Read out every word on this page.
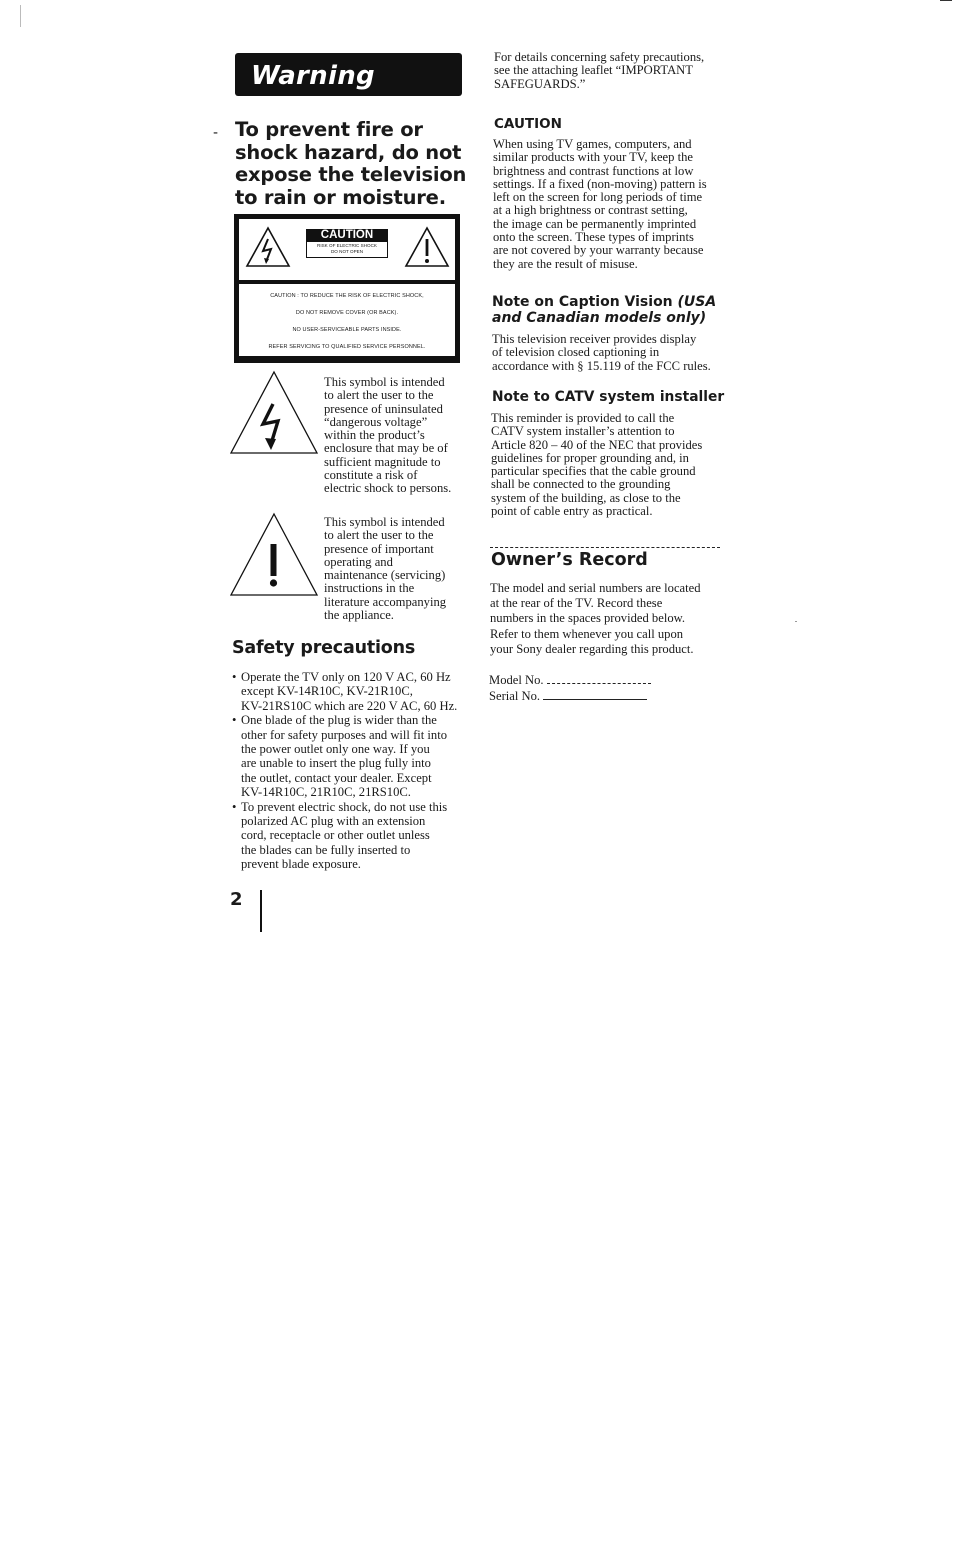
Warning
- To prevent fire or shock hazard, do not expose the television to rain or moisture.
CAUTION
RISK OF ELECTRIC SHOCK
DO NOT OPEN
CAUTION : TO REDUCE THE RISK OF ELECTRIC SHOCK,
DO NOT REMOVE COVER (OR BACK).
NO USER-SERVICEABLE PARTS INSIDE.
REFER SERVICING TO QUALIFIED SERVICE PERSONNEL.
This symbol is intended
to alert the user to the
presence of uninsulated
“dangerous voltage”
within the product’s
enclosure that may be of
sufficient magnitude to
constitute a risk of
electric shock to persons.
This symbol is intended
to alert the user to the
presence of important
operating and
maintenance (servicing)
instructions in the
literature accompanying
the appliance.
Safety precautions
• Operate the TV only on 120 V AC, 60 Hz
except KV-14R10C, KV-21R10C,
KV-21RS10C which are 220 V AC, 60 Hz.
• One blade of the plug is wider than the
other for safety purposes and will fit into
the power outlet only one way. If you
are unable to insert the plug fully into
the outlet, contact your dealer. Except
KV-14R10C, 21R10C, 21RS10C.
• To prevent electric shock, do not use this
polarized AC plug with an extension
cord, receptacle or other outlet unless
the blades can be fully inserted to
prevent blade exposure.
2
For details concerning safety precautions,
see the attaching leaflet “IMPORTANT
SAFEGUARDS.”
CAUTION
When using TV games, computers, and
similar products with your TV, keep the
brightness and contrast functions at low
settings. If a fixed (non-moving) pattern is
left on the screen for long periods of time
at a high brightness or contrast setting,
the image can be permanently imprinted
onto the screen. These types of imprints
are not covered by your warranty because
they are the result of misuse.
Note on Caption Vision (USA
and Canadian models only)
This television receiver provides display
of television closed captioning in
accordance with § 15.119 of the FCC rules.
Note to CATV system installer
This reminder is provided to call the
CATV system installer’s attention to
Article 820 – 40 of the NEC that provides
guidelines for proper grounding and, in
particular specifies that the cable ground
shall be connected to the grounding
system of the building, as close to the
point of cable entry as practical.
Owner’s Record
The model and serial numbers are located
at the rear of the TV. Record these
numbers in the spaces provided below.
Refer to them whenever you call upon
your Sony dealer regarding this product.
Model No.
Serial No.
